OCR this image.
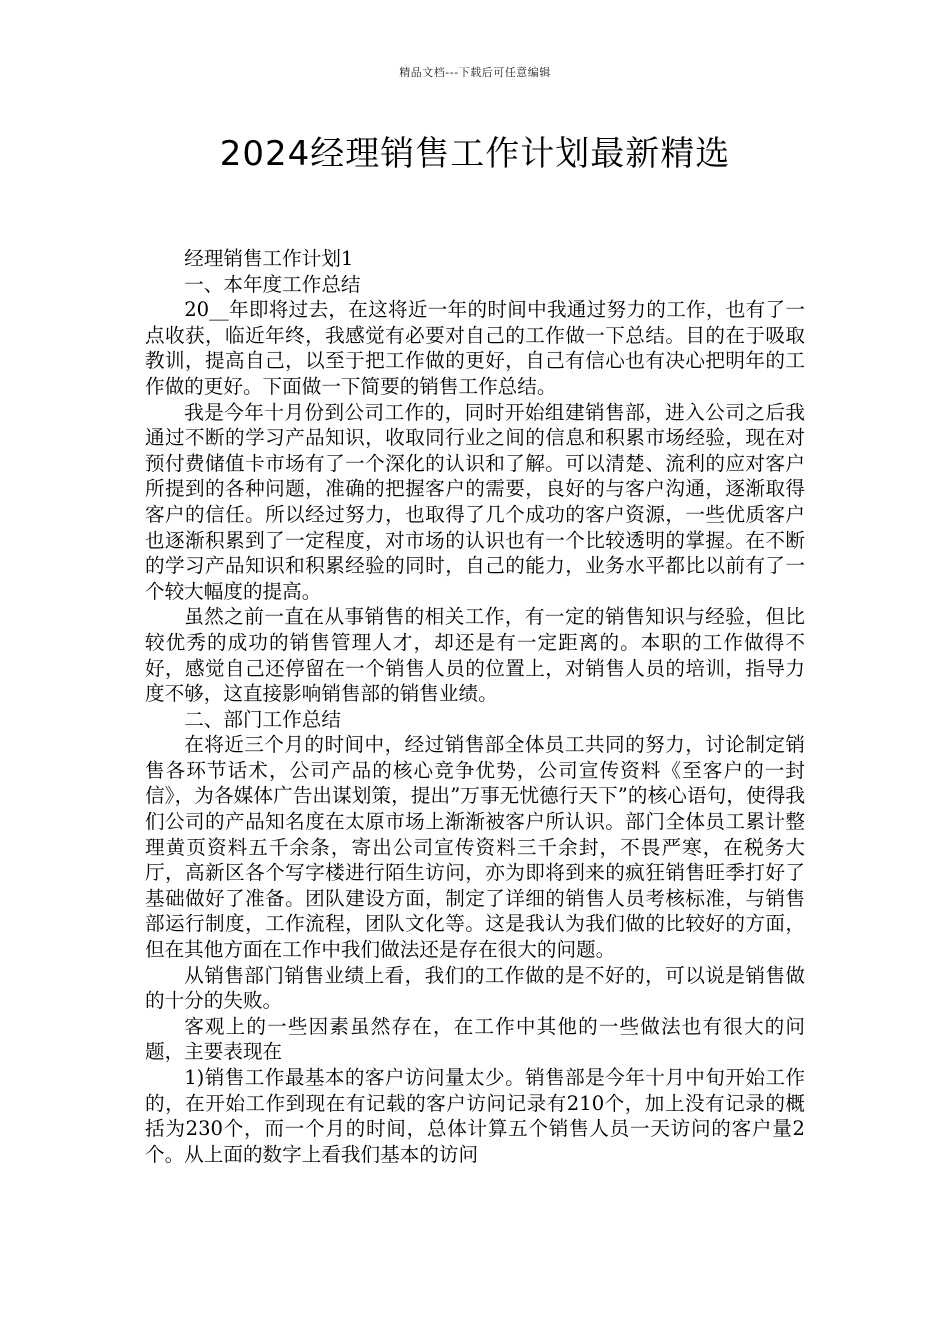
精品文档---下载后可任意编辑
2024经理销售工作计划最新精选

经理销售工作计划1

一、本年度工作总结

20__年即将过去，在这将近一年的时间中我通过努力的工作，也有了一点收获，临近年终，我感觉有必要对自己的工作做一下总结。目的在于吸取教训，提高自己，以至于把工作做的更好，自己有信心也有决心把明年的工作做的更好。下面做一下简要的销售工作总结。

我是今年十月份到公司工作的，同时开始组建销售部，进入公司之后我通过不断的学习产品知识，收取同行业之间的信息和积累市场经验，现在对预付费储值卡市场有了一个深化的认识和了解。可以清楚、流利的应对客户所提到的各种问题，准确的把握客户的需要，良好的与客户沟通，逐渐取得客户的信任。所以经过努力，也取得了几个成功的客户资源，一些优质客户也逐渐积累到了一定程度，对市场的认识也有一个比较透明的掌握。在不断的学习产品知识和积累经验的同时，自己的能力，业务水平都比以前有了一个较大幅度的提高。

虽然之前一直在从事销售的相关工作，有一定的销售知识与经验，但比较优秀的成功的销售管理人才，却还是有一定距离的。本职的工作做得不好，感觉自己还停留在一个销售人员的位置上，对销售人员的培训，指导力度不够，这直接影响销售部的销售业绩。

二、部门工作总结

在将近三个月的时间中，经过销售部全体员工共同的努力，讨论制定销售各环节话术，公司产品的核心竞争优势，公司宣传资料《至客户的一封信》，为各媒体广告出谋划策，提出”万事无忧德行天下”的核心语句，使得我们公司的产品知名度在太原市场上渐渐被客户所认识。部门全体员工累计整理黄页资料五千余条，寄出公司宣传资料三千余封，不畏严寒，在税务大厅，高新区各个写字楼进行陌生访问，亦为即将到来的疯狂销售旺季打好了基础做好了准备。团队建设方面，制定了详细的销售人员考核标准，与销售部运行制度，工作流程，团队文化等。这是我认为我们做的比较好的方面，但在其他方面在工作中我们做法还是存在很大的问题。

从销售部门销售业绩上看，我们的工作做的是不好的，可以说是销售做的十分的失败。

客观上的一些因素虽然存在，在工作中其他的一些做法也有很大的问题，主要表现在

1)销售工作最基本的客户访问量太少。销售部是今年十月中旬开始工作的，在开始工作到现在有记载的客户访问记录有210个，加上没有记录的概括为230个，而一个月的时间，总体计算五个销售人员一天访问的客户量2个。从上面的数字上看我们基本的访问
